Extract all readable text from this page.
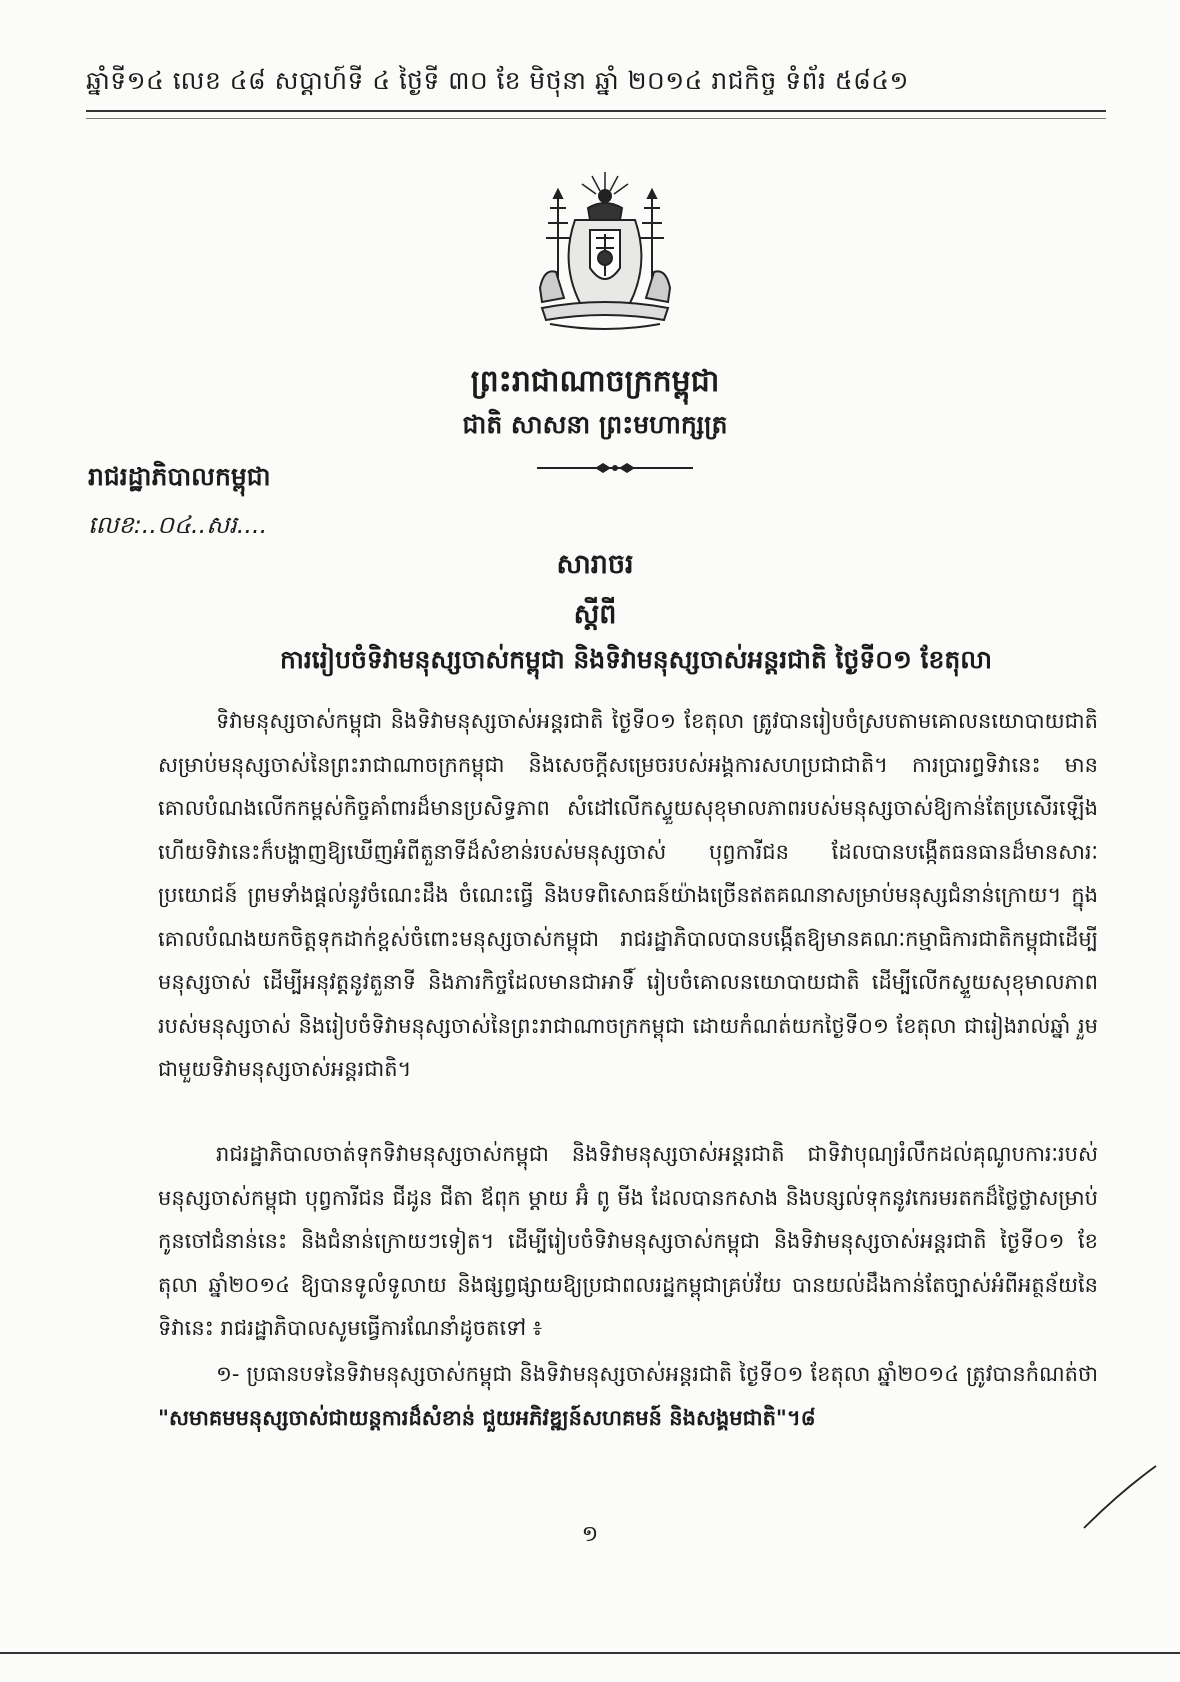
ឆ្នាំទី១៤ លេខ ៤៨ សប្តាហ៍ទី ៤ ថ្ងៃទី ៣០ ខែ មិថុនា ឆ្នាំ ២០១៤ រាជកិច្ច ទំព័រ ៥៨៤១
ព្រះរាជាណាចក្រកម្ពុជា
ជាតិ សាសនា ព្រះមហាក្សត្រ
រាជរដ្ឋាភិបាលកម្ពុជា
លេខ:..០៤..សរ....
សារាចរ
ស្តីពី
ការរៀបចំទិវាមនុស្សចាស់កម្ពុជា និងទិវាមនុស្សចាស់អន្តរជាតិ ថ្ងៃទី០១ ខែតុលា
ទិវាមនុស្សចាស់កម្ពុជា និងទិវាមនុស្សចាស់អន្តរជាតិ ថ្ងៃទី០១ ខែតុលា ត្រូវបានរៀបចំស្របតាមគោលនយោបាយជាតិសម្រាប់មនុស្សចាស់នៃព្រះរាជាណាចក្រកម្ពុជា និងសេចក្តីសម្រេចរបស់អង្គការសហប្រជាជាតិ។ ការប្រារព្ធទិវានេះ មានគោលបំណងលើកកម្ពស់កិច្ចគាំពារដ៏មានប្រសិទ្ធភាព សំដៅលើកស្ទួយសុខុមាលភាពរបស់មនុស្សចាស់ឱ្យកាន់តែប្រសើរឡើង ហើយទិវានេះក៏បង្ហាញឱ្យឃើញអំពីតួនាទីដ៏សំខាន់របស់មនុស្សចាស់ បុព្វការីជន ដែលបានបង្កើតធនធានដ៏មានសារៈប្រយោជន៍ ព្រមទាំងផ្តល់នូវចំណេះដឹង ចំណេះធ្វើ និងបទពិសោធន៍យ៉ាងច្រើនឥតគណនាសម្រាប់មនុស្សជំនាន់ក្រោយ។ ក្នុងគោលបំណងយកចិត្តទុកដាក់ខ្ពស់ចំពោះមនុស្សចាស់កម្ពុជា រាជរដ្ឋាភិបាលបានបង្កើតឱ្យមានគណៈកម្មាធិការជាតិកម្ពុជាដើម្បីមនុស្សចាស់ ដើម្បីអនុវត្តនូវតួនាទី និងភារកិច្ចដែលមានជាអាទិ៍ រៀបចំគោលនយោបាយជាតិ ដើម្បីលើកស្ទួយសុខុមាលភាពរបស់មនុស្សចាស់ និងរៀបចំទិវាមនុស្សចាស់នៃព្រះរាជាណាចក្រកម្ពុជា ដោយកំណត់យកថ្ងៃទី០១ ខែតុលា ជារៀងរាល់ឆ្នាំ រួមជាមួយទិវាមនុស្សចាស់អន្តរជាតិ។
រាជរដ្ឋាភិបាលចាត់ទុកទិវាមនុស្សចាស់កម្ពុជា និងទិវាមនុស្សចាស់អន្តរជាតិ ជាទិវាបុណ្យរំលឹកដល់គុណូបការៈរបស់មនុស្សចាស់កម្ពុជា បុព្វការីជន ជីដូន ជីតា ឪពុក ម្តាយ អ៊ំ ពូ មីង ដែលបានកសាង និងបន្សល់ទុកនូវកេរមរតកដ៏ថ្លៃថ្លាសម្រាប់កូនចៅជំនាន់នេះ និងជំនាន់ក្រោយៗទៀត។ ដើម្បីរៀបចំទិវាមនុស្សចាស់កម្ពុជា និងទិវាមនុស្សចាស់អន្តរជាតិ ថ្ងៃទី០១ ខែតុលា ឆ្នាំ២០១៤ ឱ្យបានទូលំទូលាយ និងផ្សព្វផ្សាយឱ្យប្រជាពលរដ្ឋកម្ពុជាគ្រប់វ័យ បានយល់ដឹងកាន់តែច្បាស់អំពីអត្ថន័យនៃទិវានេះ រាជរដ្ឋាភិបាលសូមធ្វើការណែនាំដូចតទៅ ៖
១- ប្រធានបទនៃទិវាមនុស្សចាស់កម្ពុជា និងទិវាមនុស្សចាស់អន្តរជាតិ ថ្ងៃទី០១ ខែតុលា ឆ្នាំ២០១៤ ត្រូវបានកំណត់ថា "សមាគមមនុស្សចាស់ជាយន្តការដ៏សំខាន់ ជួយអភិវឌ្ឍន៍សហគមន៍ និងសង្គមជាតិ"។៨
១
